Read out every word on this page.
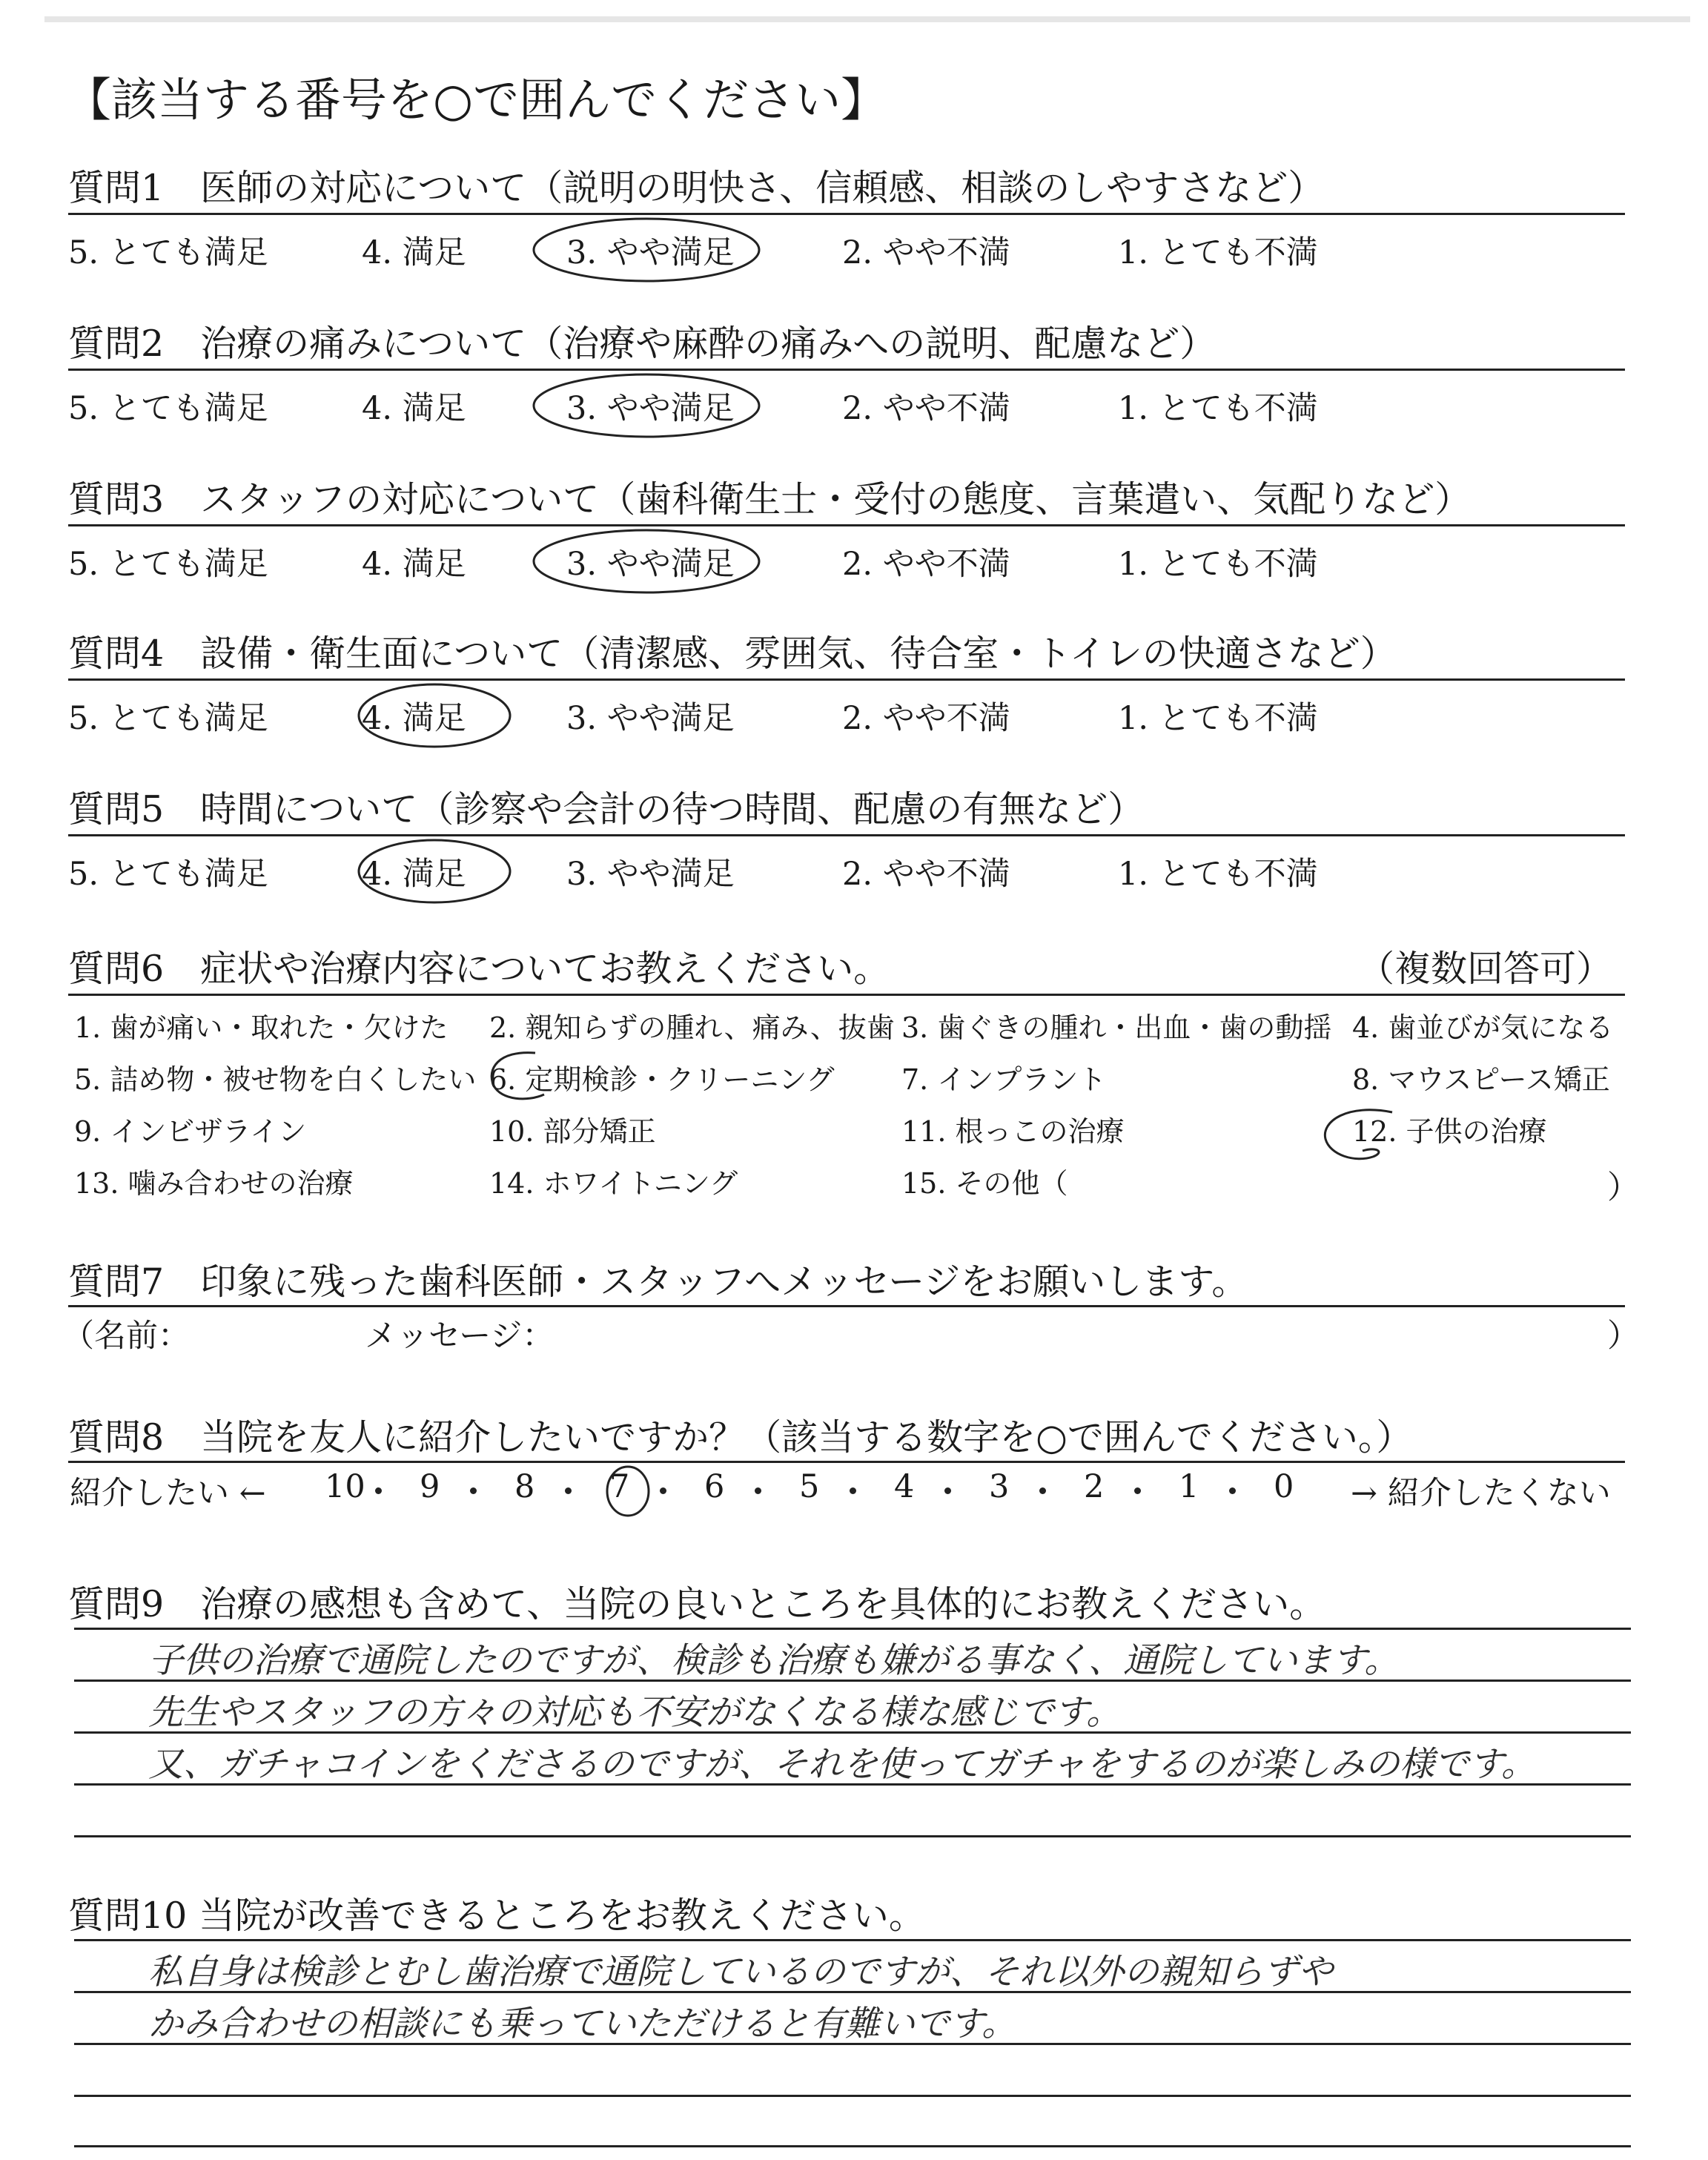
【該当する番号を○で囲んでください】
質問1　医師の対応について（説明の明快さ、信頼感、相談のしやすさなど）
5. とても満足	4. 満足	3. やや満足	2. やや不満	1. とても不満
質問2　治療の痛みについて（治療や麻酔の痛みへの説明、配慮など）
5. とても満足	4. 満足	3. やや満足	2. やや不満	1. とても不満
質問3　スタッフの対応について（歯科衛生士・受付の態度、言葉遣い、気配りなど）
5. とても満足	4. 満足	3. やや満足	2. やや不満	1. とても不満
質問4　設備・衛生面について（清潔感、雰囲気、待合室・トイレの快適さなど）
5. とても満足	4. 満足	3. やや満足	2. やや不満	1. とても不満
質問5　時間について（診察や会計の待つ時間、配慮の有無など）
5. とても満足	4. 満足	3. やや満足	2. やや不満	1. とても不満
質問6　症状や治療内容についてお教えください。	（複数回答可）
1. 歯が痛い・取れた・欠けた 2. 親知らずの腫れ、痛み、抜歯 3. 歯ぐきの腫れ・出血・歯の動揺 4. 歯並びが気になる
5. 詰め物・被せ物を白くしたい 6. 定期検診・クリーニング 7. インプラント	8. マウスピース矯正
9. インビザライン	10. 部分矯正	11. 根っこの治療	12. 子供の治療
13. 噛み合わせの治療	14. ホワイトニング	15. その他（	）
質問7　印象に残った歯科医師・スタッフへメッセージをお願いします。
（名前：	メッセージ：	）
質問8　当院を友人に紹介したいですか？（該当する数字を○で囲んでください。）
紹介したい ← 10 9 8 7 6 5 4 3 2 1 0 → 紹介したくない
質問9　治療の感想も含めて、当院の良いところを具体的にお教えください。
子供の治療で通院したのですが、検診も治療も嫌がる事なく、通院しています。
先生やスタッフの方々の対応も不安がなくなる様な感じです。
又、ガチャコインをくださるのですが、それを使ってガチャをするのが楽しみの様です。
質問10 当院が改善できるところをお教えください。
私自身は検診とむし歯治療で通院しているのですが、それ以外の親知らずや
かみ合わせの相談にも乗っていただけると有難いです。
